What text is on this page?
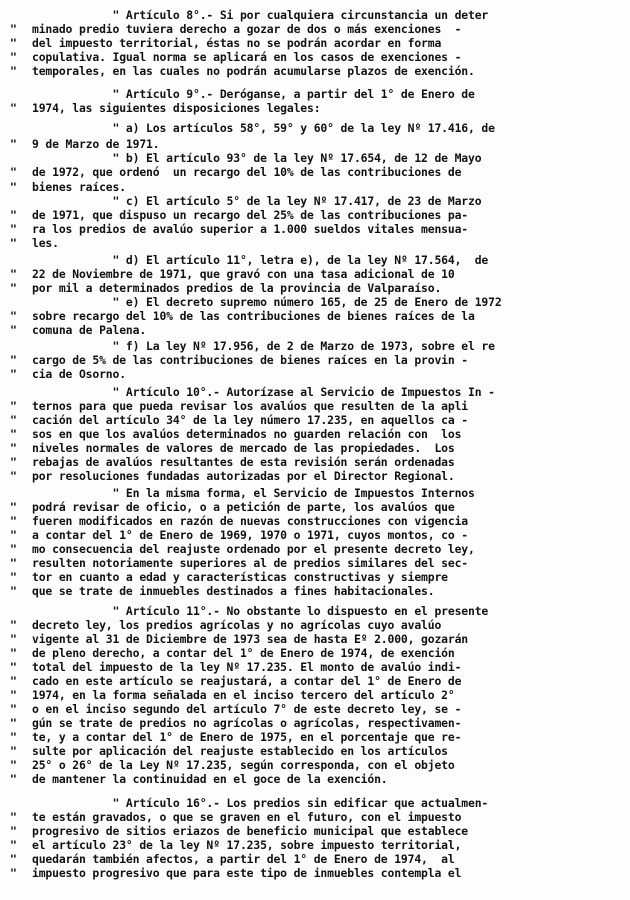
" Artículo 8°.- Si por cualquiera circunstancia un deter
" minado predio tuviera derecho a gozar de dos o más exenciones  -
" del impuesto territorial, éstas no se podrán acordar en forma
" copulativa. Igual norma se aplicará en los casos de exenciones -
" temporales, en las cuales no podrán acumularse plazos de exención.
" Artículo 9°.- Deróganse, a partir del 1° de Enero de
" 1974, las siguientes disposiciones legales:
" a) Los artículos 58°, 59° y 60° de la ley Nº 17.416, de
" 9 de Marzo de 1971.
" b) El artículo 93° de la ley Nº 17.654, de 12 de Mayo
" de 1972, que ordenó  un recargo del 10% de las contribuciones de
" bienes raíces.
" c) El artículo 5° de la ley Nº 17.417, de 23 de Marzo
" de 1971, que dispuso un recargo del 25% de las contribuciones pa-
" ra los predios de avalúo superior a 1.000 sueldos vitales mensua-
" les.
" d) El artículo 11°, letra e), de la ley Nº 17.564,  de
" 22 de Noviembre de 1971, que gravó con una tasa adicional de 10
" por mil a determinados predios de la provincia de Valparaíso.
" e) El decreto supremo número 165, de 25 de Enero de 1972
" sobre recargo del 10% de las contribuciones de bienes raíces de la
" comuna de Palena.
" f) La ley Nº 17.956, de 2 de Marzo de 1973, sobre el re
" cargo de 5% de las contribuciones de bienes raíces en la provin -
" cia de Osorno.
" Artículo 10°.- Autorízase al Servicio de Impuestos In -
" ternos para que pueda revisar los avalúos que resulten de la apli
" cación del artículo 34° de la ley número 17.235, en aquellos ca -
" sos en que los avalúos determinados no guarden relación con  los
" niveles normales de valores de mercado de las propiedades.  Los
" rebajas de avalúos resultantes de esta revisión serán ordenadas
" por resoluciones fundadas autorizadas por el Director Regional.
" En la misma forma, el Servicio de Impuestos Internos
" podrá revisar de oficio, o a petición de parte, los avalúos que
" fueren modificados en razón de nuevas construcciones con vigencia
" a contar del 1° de Enero de 1969, 1970 o 1971, cuyos montos, co -
" mo consecuencia del reajuste ordenado por el presente decreto ley,
" resulten notoriamente superiores al de predios similares del sec-
" tor en cuanto a edad y características constructivas y siempre
" que se trate de inmuebles destinados a fines habitacionales.
" Artículo 11°.- No obstante lo dispuesto en el presente
" decreto ley, los predios agrícolas y no agrícolas cuyo avalúo
" vigente al 31 de Diciembre de 1973 sea de hasta Eº 2.000, gozarán
" de pleno derecho, a contar del 1° de Enero de 1974, de exención
" total del impuesto de la ley Nº 17.235. El monto de avalúo indi-
" cado en este artículo se reajustará, a contar del 1° de Enero de
" 1974, en la forma señalada en el inciso tercero del artículo 2°
" o en el inciso segundo del artículo 7° de este decreto ley, se -
" gún se trate de predios no agrícolas o agrícolas, respectivamen-
" te, y a contar del 1° de Enero de 1975, en el porcentaje que re-
" sulte por aplicación del reajuste establecido en los artículos
" 25° o 26° de la Ley Nº 17.235, según corresponda, con el objeto
" de mantener la continuidad en el goce de la exención.
" Artículo 16°.- Los predios sin edificar que actualmen-
" te están gravados, o que se graven en el futuro, con el impuesto
" progresivo de sitios eriazos de beneficio municipal que establece
" el artículo 23° de la ley Nº 17.235, sobre impuesto territorial,
" quedarán también afectos, a partir del 1° de Enero de 1974,  al
" impuesto progresivo que para este tipo de inmuebles contempla el
